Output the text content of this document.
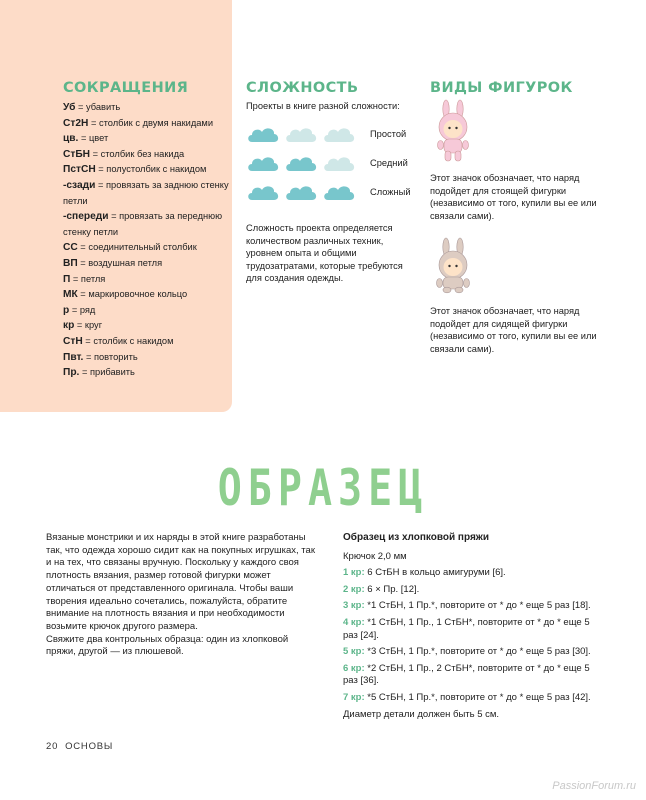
СОКРАЩЕНИЯ
Уб = убавить
Ст2Н = столбик с двумя накидами
цв. = цвет
СтБН = столбик без накида
ПстСН = полустолбик с накидом
-сзади = провязать за заднюю стенку петли
-спереди = провязать за переднюю стенку петли
СС = соединительный столбик
ВП = воздушная петля
П = петля
МК = маркировочное кольцо
р = ряд
кр = круг
СтН = столбик с накидом
Пвт. = повторить
Пр. = прибавить
СЛОЖНОСТЬ
Проекты в книге разной сложности:
Простой
Средний
Сложный
Сложность проекта определяется количеством различных техник, уровнем опыта и общими трудозатратами, которые требуются для создания одежды.
ВИДЫ ФИГУРОК
Этот значок обозначает, что наряд подойдет для стоящей фигурки (независимо от того, купили вы ее или связали сами).
Этот значок обозначает, что наряд подойдет для сидящей фигурки (независимо от того, купили вы ее или связали сами).
ОБРАЗЕЦ

Вязаные монстрики и их наряды в этой книге разработаны так, что одежда хорошо сидит как на покупных игрушках, так и на тех, что связаны вручную. Поскольку у каждого своя плотность вязания, размер готовой фигурки может отличаться от представленного оригинала. Чтобы ваши творения идеально сочетались, пожалуйста, обратите внимание на плотность вязания и при необходимости возьмите крючок другого размера.

Свяжите два контрольных образца: один из хлопковой пряжи, другой — из плюшевой.

Образец из хлопковой пряжи
Крючок 2,0 мм
1 кр: 6 СтБН в кольцо амигуруми [6].
2 кр: 6 × Пр. [12].
3 кр: *1 СтБН, 1 Пр.*, повторите от * до * еще 5 раз [18].
4 кр: *1 СтБН, 1 Пр., 1 СтБН*, повторите от * до * еще 5 раз [24].
5 кр: *3 СтБН, 1 Пр.*, повторите от * до * еще 5 раз [30].
6 кр: *2 СтБН, 1 Пр., 2 СтБН*, повторите от * до * еще 5 раз [36].
7 кр: *5 СтБН, 1 Пр.*, повторите от * до * еще 5 раз [42].
Диаметр детали должен быть 5 см.
20 ОСНОВЫ
PassionForum.ru
